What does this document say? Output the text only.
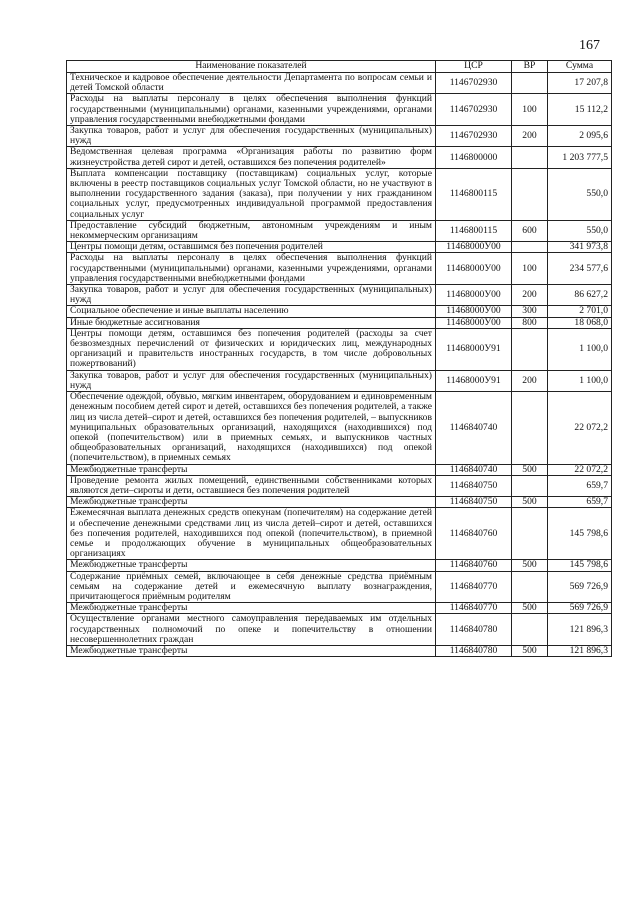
167
Наименование показателей	ЦСР	ВР	Сумма
Техническое и кадровое обеспечение деятельности Департамента по вопросам семьи и детей Томской области	1146702930		17 207,8
Расходы на выплаты персоналу в целях обеспечения выполнения функций государственными (муниципальными) органами, казенными учреждениями, органами управления государственными внебюджетными фондами	1146702930	100	15 112,2
Закупка товаров, работ и услуг для обеспечения государственных (муниципальных) нужд	1146702930	200	2 095,6
Ведомственная целевая программа «Организация работы по развитию форм жизнеустройства детей сирот и детей, оставшихся без попечения родителей»	1146800000		1 203 777,5
Выплата компенсации поставщику (поставщикам) социальных услуг, которые включены в реестр поставщиков социальных услуг Томской области, но не участвуют в выполнении государственного задания (заказа), при получении у них гражданином социальных услуг, предусмотренных индивидуальной программой предоставления социальных услуг	1146800115		550,0
Предоставление субсидий бюджетным, автономным учреждениям и иным некоммерческим организациям	1146800115	600	550,0
Центры помощи детям, оставшимся без попечения родителей	11468000У00		341 973,8
Расходы на выплаты персоналу в целях обеспечения выполнения функций государственными (муниципальными) органами, казенными учреждениями, органами управления государственными внебюджетными фондами	11468000У00	100	234 577,6
Закупка товаров, работ и услуг для обеспечения государственных (муниципальных) нужд	11468000У00	200	86 627,2
Социальное обеспечение и иные выплаты населению	11468000У00	300	2 701,0
Иные бюджетные ассигнования	11468000У00	800	18 068,0
Центры помощи детям, оставшимся без попечения родителей (расходы за счет безвозмездных перечислений от физических и юридических лиц, международных организаций и правительств иностранных государств, в том числе добровольных пожертвований)	11468000У91		1 100,0
Закупка товаров, работ и услуг для обеспечения государственных (муниципальных) нужд	11468000У91	200	1 100,0
Обеспечение одеждой, обувью, мягким инвентарем, оборудованием и единовременным денежным пособием детей сирот и детей, оставшихся без попечения родителей, а также лиц из числа детей–сирот и детей, оставшихся без попечения родителей, – выпускников муниципальных образовательных организаций, находящихся (находившихся) под опекой (попечительством) или в приемных семьях, и выпускников частных общеобразовательных организаций, находящихся (находившихся) под опекой (попечительством), в приемных семьях	1146840740		22 072,2
Межбюджетные трансферты	1146840740	500	22 072,2
Проведение ремонта жилых помещений, единственными собственниками которых являются дети–сироты и дети, оставшиеся без попечения родителей	1146840750		659,7
Межбюджетные трансферты	1146840750	500	659,7
Ежемесячная выплата денежных средств опекунам (попечителям) на содержание детей и обеспечение денежными средствами лиц из числа детей–сирот и детей, оставшихся без попечения родителей, находившихся под опекой (попечительством), в приемной семье и продолжающих обучение в муниципальных общеобразовательных организациях	1146840760		145 798,6
Межбюджетные трансферты	1146840760	500	145 798,6
Содержание приёмных семей, включающее в себя денежные средства приёмным семьям на содержание детей и ежемесячную выплату вознаграждения, причитающегося приёмным родителям	1146840770		569 726,9
Межбюджетные трансферты	1146840770	500	569 726,9
Осуществление органами местного самоуправления передаваемых им отдельных государственных полномочий по опеке и попечительству в отношении несовершеннолетних граждан	1146840780		121 896,3
Межбюджетные трансферты	1146840780	500	121 896,3
